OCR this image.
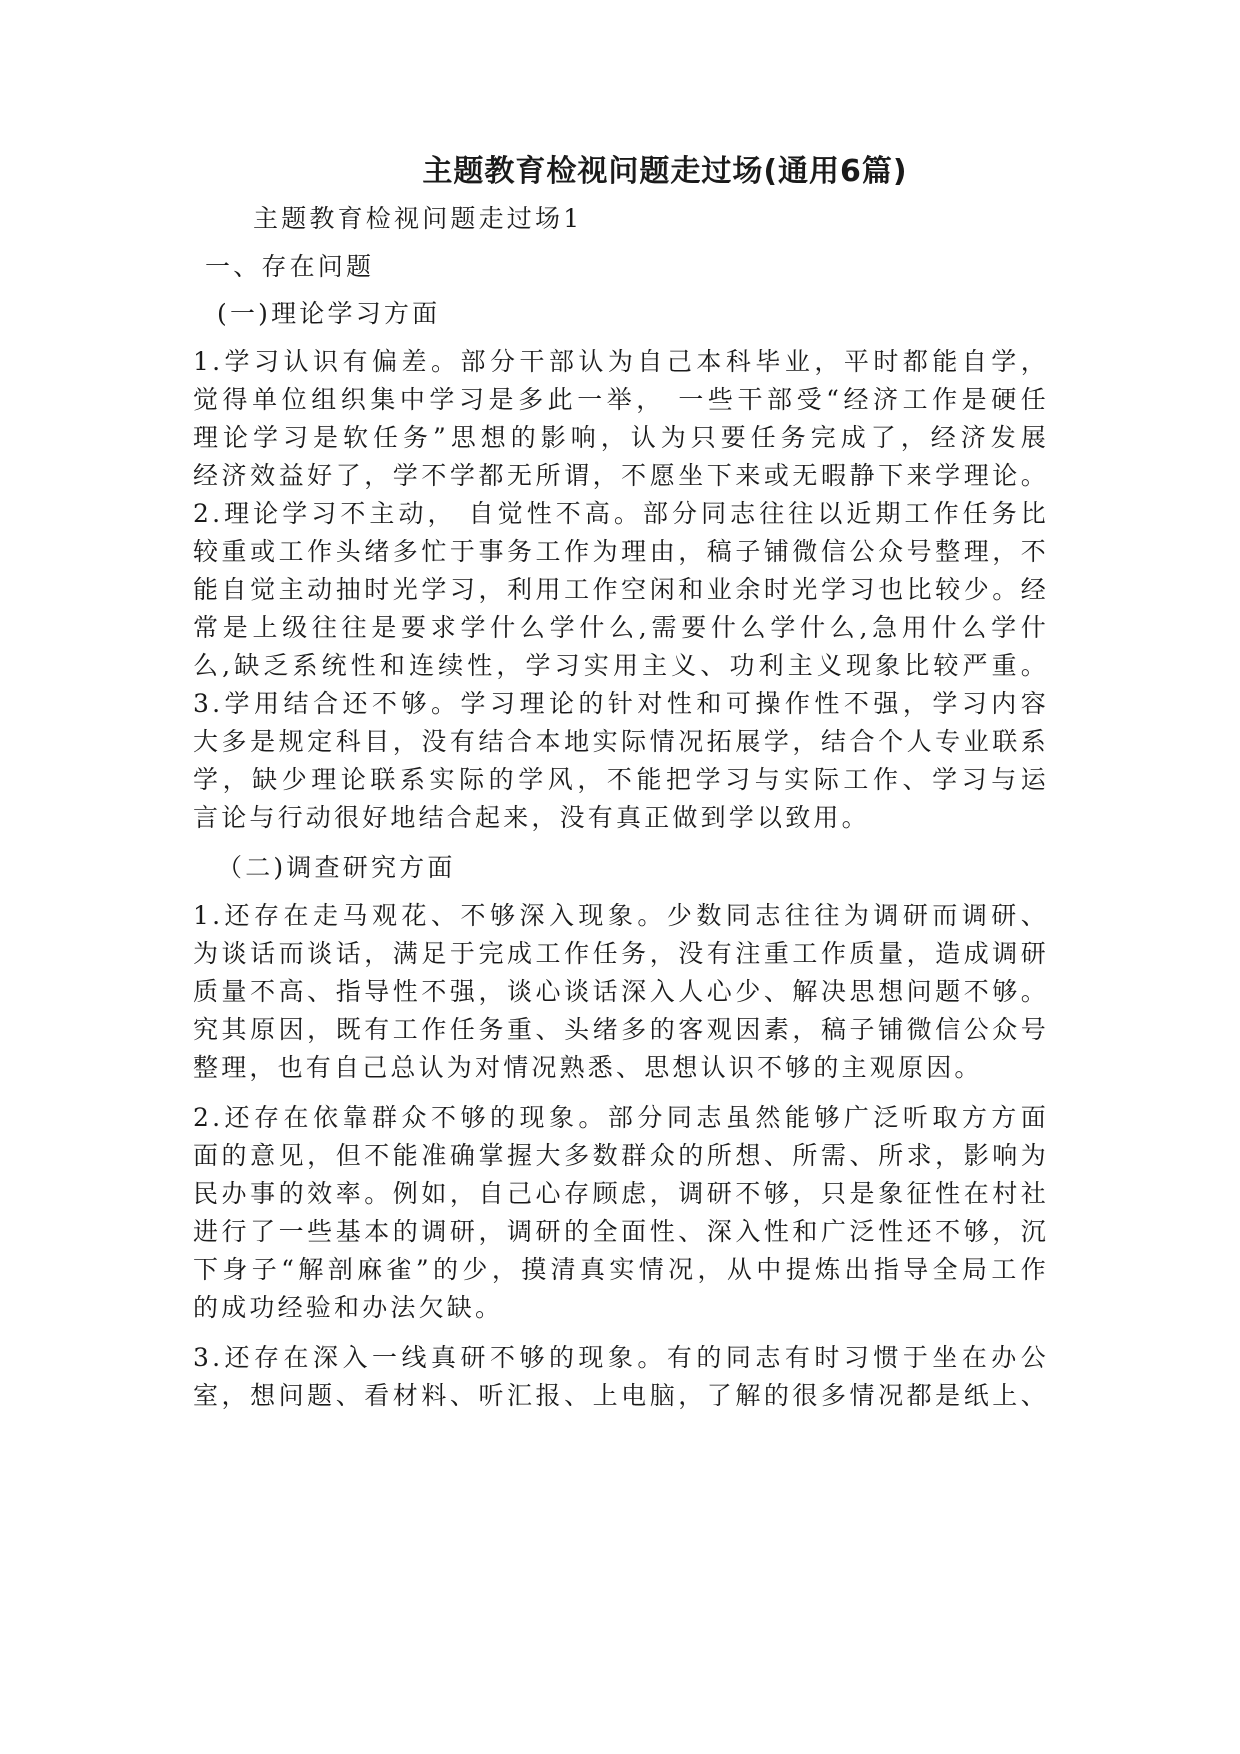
主题教育检视问题走过场(通用6篇)
主题教育检视问题走过场1
一、存在问题
(一)理论学习方面
1.学习认识有偏差。部分干部认为自己本科毕业，平时都能自学，
觉得单位组织集中学习是多此一举， 一些干部受“经济工作是硬任
理论学习是软任务”思想的影响，认为只要任务完成了，经济发展
经济效益好了，学不学都无所谓，不愿坐下来或无暇静下来学理论。
2.理论学习不主动， 自觉性不高。部分同志往往以近期工作任务比
较重或工作头绪多忙于事务工作为理由，稿子铺微信公众号整理，不
能自觉主动抽时光学习，利用工作空闲和业余时光学习也比较少。经
常是上级往往是要求学什么学什么,需要什么学什么,急用什么学什
么,缺乏系统性和连续性，学习实用主义、功利主义现象比较严重。
3.学用结合还不够。学习理论的针对性和可操作性不强，学习内容
大多是规定科目，没有结合本地实际情况拓展学，结合个人专业联系
学，缺少理论联系实际的学风，不能把学习与实际工作、学习与运
言论与行动很好地结合起来，没有真正做到学以致用。
（二)调查研究方面
1.还存在走马观花、不够深入现象。少数同志往往为调研而调研、
为谈话而谈话，满足于完成工作任务，没有注重工作质量，造成调研
质量不高、指导性不强，谈心谈话深入人心少、解决思想问题不够。
究其原因，既有工作任务重、头绪多的客观因素，稿子铺微信公众号
整理，也有自己总认为对情况熟悉、思想认识不够的主观原因。
2.还存在依靠群众不够的现象。部分同志虽然能够广泛听取方方面
面的意见，但不能准确掌握大多数群众的所想、所需、所求，影响为
民办事的效率。例如，自己心存顾虑，调研不够，只是象征性在村社
进行了一些基本的调研，调研的全面性、深入性和广泛性还不够，沉
下身子“解剖麻雀”的少，摸清真实情况，从中提炼出指导全局工作
的成功经验和办法欠缺。
3.还存在深入一线真研不够的现象。有的同志有时习惯于坐在办公
室，想问题、看材料、听汇报、上电脑，了解的很多情况都是纸上、
